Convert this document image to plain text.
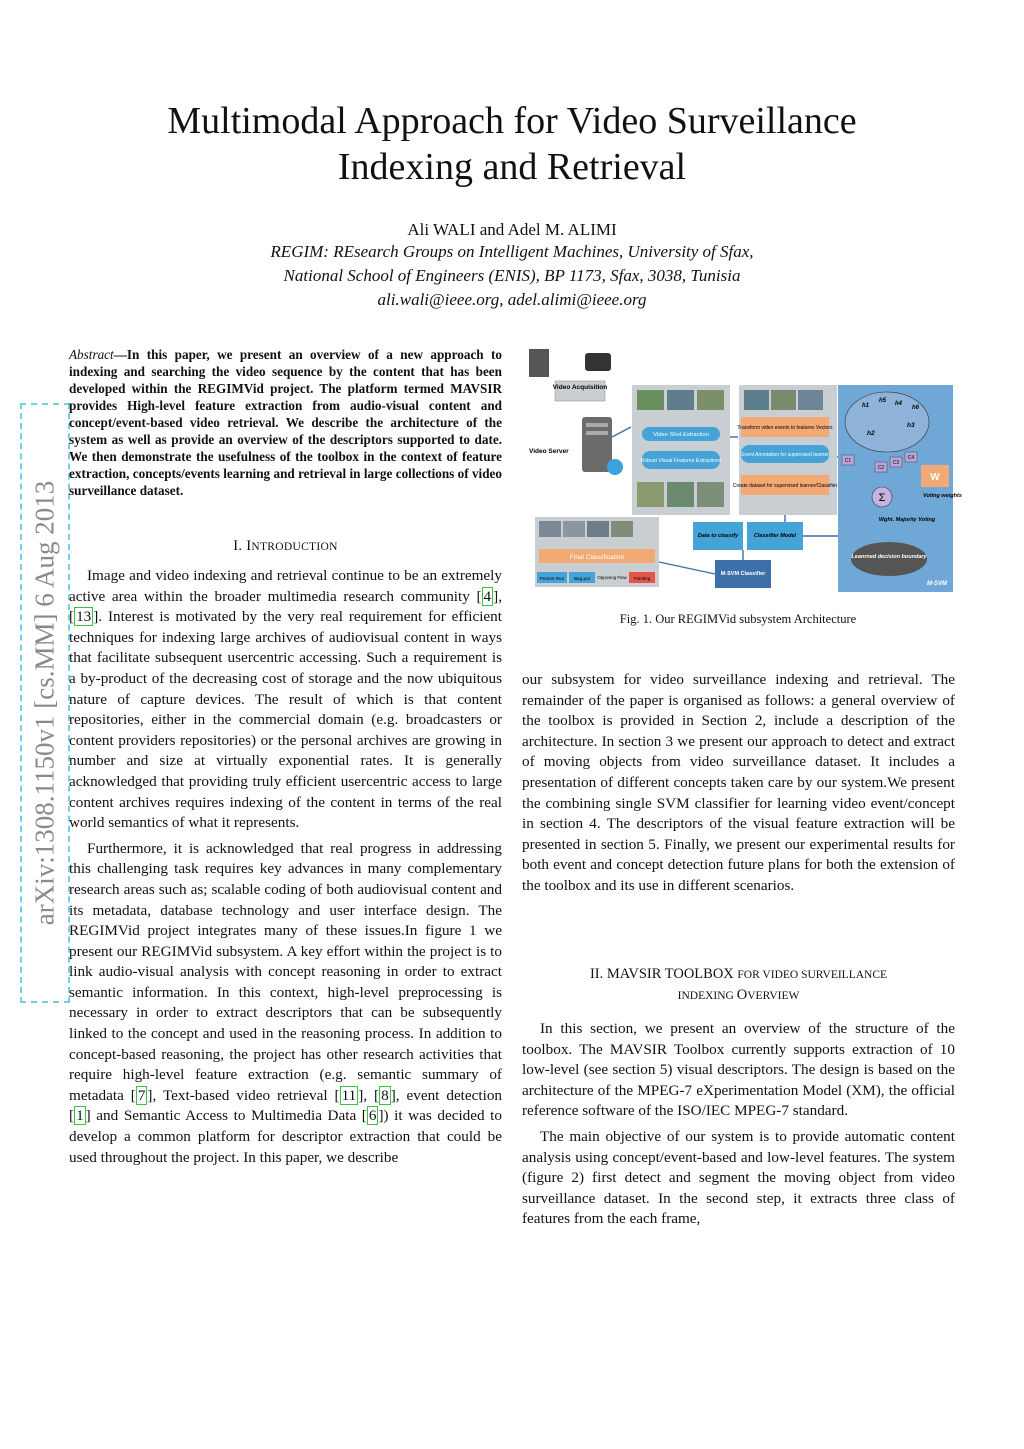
arXiv:1308.1150v1 [cs.MM] 6 Aug 2013
Multimodal Approach for Video Surveillance
Indexing and Retrieval
Ali WALI and Adel M. ALIMI
REGIM: REsearch Groups on Intelligent Machines, University of Sfax,
National School of Engineers (ENIS), BP 1173, Sfax, 3038, Tunisia
ali.wali@ieee.org, adel.alimi@ieee.org
Abstract—In this paper, we present an overview of a new approach to indexing and searching the video sequence by the content that has been developed within the REGIMVid project. The platform termed MAVSIR provides High-level feature extraction from audio-visual content and concept/event-based video retrieval. We describe the architecture of the system as well as provide an overview of the descriptors supported to date. We then demonstrate the usefulness of the toolbox in the context of feature extraction, concepts/events learning and retrieval in large collections of video surveillance dataset.
I. INTRODUCTION

Image and video indexing and retrieval continue to be an extremely active area within the broader multimedia research community [ 4 ], [ 13 ]. Interest is motivated by the very real requirement for efficient techniques for indexing large archives of audiovisual content in ways that facilitate subsequent usercentric accessing. Such a requirement is a by-product of the decreasing cost of storage and the now ubiquitous nature of capture devices. The result of which is that content repositories, either in the commercial domain (e.g. broadcasters or content providers repositories) or the personal archives are growing in number and size at virtually exponential rates. It is generally acknowledged that providing truly efficient usercentric access to large content archives requires indexing of the content in terms of the real world semantics of what it represents.

Furthermore, it is acknowledged that real progress in addressing this challenging task requires key advances in many complementary research areas such as; scalable coding of both audiovisual content and its metadata, database technology and user interface design. The REGIMVid project integrates many of these issues.In figure 1 we present our REGIMVid subsystem. A key effort within the project is to link audio-visual analysis with concept reasoning in order to extract semantic information. In this context, high-level preprocessing is necessary in order to extract descriptors that can be subsequently linked to the concept and used in the reasoning process. In addition to concept-based reasoning, the project has other research activities that require high-level feature extraction (e.g. semantic summary of metadata [ 7 ], Text-based video retrieval [ 11 ], [ 8 ], event detection [ 1 ] and Semantic Access to Multimedia Data [ 6 ]) it was decided to develop a common platform for descriptor extraction that could be used throughout the project. In this paper, we describe

Video Acquisition
Video Server
Video Shot Extraction
Robust Visual Features Extractions
Transform video events to features Vectors
Event Annotation for supervised learner
Create dataset for supervised learner/Classifier
h1
h5 h4
h6
h2
h3
C1
C2
C3
C4
W
Voting weights
Σ
Wght. Majority Voting
Leanrned decision boundary
M-SVM
Data to classify	Classifier Model
M-SVM Classifier
Final Classification
Person Run Bag put Opposing Flow Pointing
Fig. 1. Our REGIMVid subsystem Architecture

our subsystem for video surveillance indexing and retrieval. The remainder of the paper is organised as follows: a general overview of the toolbox is provided in Section 2, include a description of the architecture. In section 3 we present our approach to detect and extract of moving objects from video surveillance dataset. It includes a presentation of different concepts taken care by our system.We present the combining single SVM classifier for learning video event/concept in section 4. The descriptors of the visual feature extraction will be presented in section 5. Finally, we present our experimental results for both event and concept detection future plans for both the extension of the toolbox and its use in different scenarios.

II. MAVSIR TOOLBOX FOR VIDEO SURVEILLANCE
INDEXING OVERVIEW

In this section, we present an overview of the structure of the toolbox. The MAVSIR Toolbox currently supports extraction of 10 low-level (see section 5) visual descriptors. The design is based on the architecture of the MPEG-7 eXperimentation Model (XM), the official reference software of the ISO/IEC MPEG-7 standard.

The main objective of our system is to provide automatic content analysis using concept/event-based and low-level features. The system (figure 2) first detect and segment the moving object from video surveillance dataset. In the second step, it extracts three class of features from the each frame,
